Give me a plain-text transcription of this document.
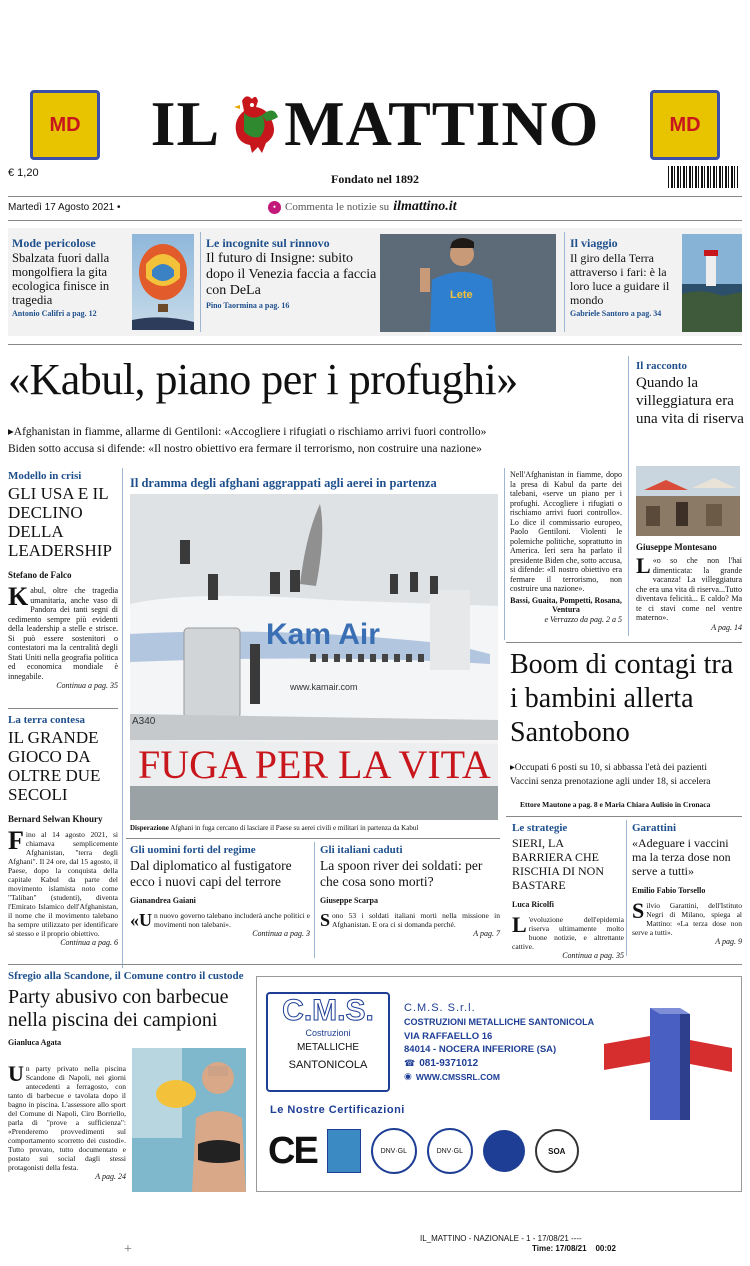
MD	MD
IL MATTINO
€ 1,20	Fondato nel 1892
Martedì 17 Agosto 2021 •	• Commenta le notizie su ilmattino.it
Mode pericolose
Sbalzata fuori dalla mongolfiera la gita ecologica finisce in tragedia
Antonio Califri a pag. 12
Le incognite sul rinnovo
Il futuro di Insigne: subito dopo il Venezia faccia a faccia con DeLa
Pino Taormina a pag. 16
Lete
Il viaggio
Il giro della Terra attraverso i fari: è la loro luce a guidare il mondo
Gabriele Santoro a pag. 34
«Kabul, piano per i profughi»
▸Afghanistan in fiamme, allarme di Gentiloni: «Accogliere i rifugiati o rischiamo arrivi fuori controllo»
Biden sotto accusa si difende: «Il nostro obiettivo era fermare il terrorismo, non costruire una nazione»
Il racconto
Quando la villeggiatura era una vita di riserva
Giuseppe Montesano
L «o so che non l'hai dimenticata: la grande vacanza! La villeggiatura che era una vita di riserva...Tutto diventava felicità... E caldo? Ma te ci stavi come nel ventre materno».
A pag. 14
Modello in crisi
GLI USA E IL DECLINO DELLA LEADERSHIP
Stefano de Falco
Kabul, oltre che tragedia umanitaria, anche vaso di Pandora dei tanti segni di cedimento sempre più evidenti della leadership a stelle e strisce. Si può essere sostenitori o contestatori ma la centralità degli Stati Uniti nella geografia politica ed economica mondiale è innegabile.
Continua a pag. 35
La terra contesa
IL GRANDE GIOCO DA OLTRE DUE SECOLI
Bernard Selwan Khoury
Fino al 14 agosto 2021, si chiamava semplicemente Afghanistan, "terra degli Afghani". Il 24 ore, dal 15 agosto, il Paese, dopo la conquista della capitale Kabul da parte del movimento islamista noto come "Taliban" (studenti), diventa l'Emirato Islamico dell'Afghanistan, il nome che il movimento talebano ha sempre utilizzato per identificare sé stesso e il proprio obiettivo.
Continua a pag. 6
Il dramma degli afghani aggrappati agli aerei in partenza
Kam Air
www.kamair.com
A340
FUGA PER LA VITA
Disperazione Afghani in fuga cercano di lasciare il Paese su aerei civili e militari in partenza da Kabul
Nell'Afghanistan in fiamme, dopo la presa di Kabul da parte dei talebani, «serve un piano per i profughi. Accogliere i rifugiati o rischiamo arrivi fuori controllo». Lo dice il commissario europeo, Paolo Gentiloni. Violenti le polemiche politiche, soprattutto in America. Ieri sera ha parlato il presidente Biden che, sotto accusa, si difende: «Il nostro obiettivo era fermare il terrorismo, non costruire una nazione».
Bassi, Guaita, Pompetti, Rosana, Ventura
e Verrazzo da pag. 2 a 5
Boom di contagi tra i bambini allerta Santobono
▸Occupati 6 posti su 10, si abbassa l'età dei pazienti
Vaccini senza prenotazione agli under 18, si accelera
Ettore Mautone a pag. 8 e Maria Chiara Aulisio in Cronaca
Le strategie
SIERI, LA BARRIERA CHE RISCHIA DI NON BASTARE
Luca Ricolfi
L 'evoluzione dell'epidemia riserva ultimamente molto buone notizie, e altrettante cattive.
Continua a pag. 35
Garattini
«Adeguare i vaccini ma la terza dose non serve a tutti»
Emilio Fabio Torsello
Silvio Garattini, dell'Istituto Negri di Milano, spiega al Mattino: «La terza dose non serve a tutti».
A pag. 9
Gli uomini forti del regime
Dal diplomatico al fustigatore ecco i nuovi capi del terrore
Gianandrea Gaiani
«Un nuovo governo talebano includerà anche politici e movimenti non talebani».
Continua a pag. 3
Gli italiani caduti
La spoon river dei soldati: per che cosa sono morti?
Giuseppe Scarpa
Sono 53 i soldati italiani morti nella missione in Afghanistan. E ora ci si domanda perché.
A pag. 7
Sfregio alla Scandone, il Comune contro il custode
Party abusivo con barbecue nella piscina dei campioni
Gianluca Agata
Un party privato nella piscina Scandone di Napoli, nei giorni antecedenti a ferragosto, con tanto di barbecue e tavolata dopo il bagno in piscina. L'assessore allo sport del Comune di Napoli, Ciro Borriello, parla di "prove a sufficienza": «Prenderemo provvedimenti sul comportamento scorretto dei custodi». Tutto provato, tutto documentato e postato sui social dagli stessi protagonisti della festa.
A pag. 24
C.M.S.
Costruzioni
METALLICHE
SANTONICOLA
C.M.S. S.r.l.
COSTRUZIONI METALLICHE SANTONICOLA
VIA RAFFAELLO 16
84014 - NOCERA INFERIORE (SA)
☎ 081-9371012
◉ WWW.CMSSRL.COM
Le Nostre Certificazioni
CE	DNV·GL	DNV·GL	SOA
IL_MATTINO - NAZIONALE - 1 - 17/08/21 ----
Time: 17/08/21    00:02
+
